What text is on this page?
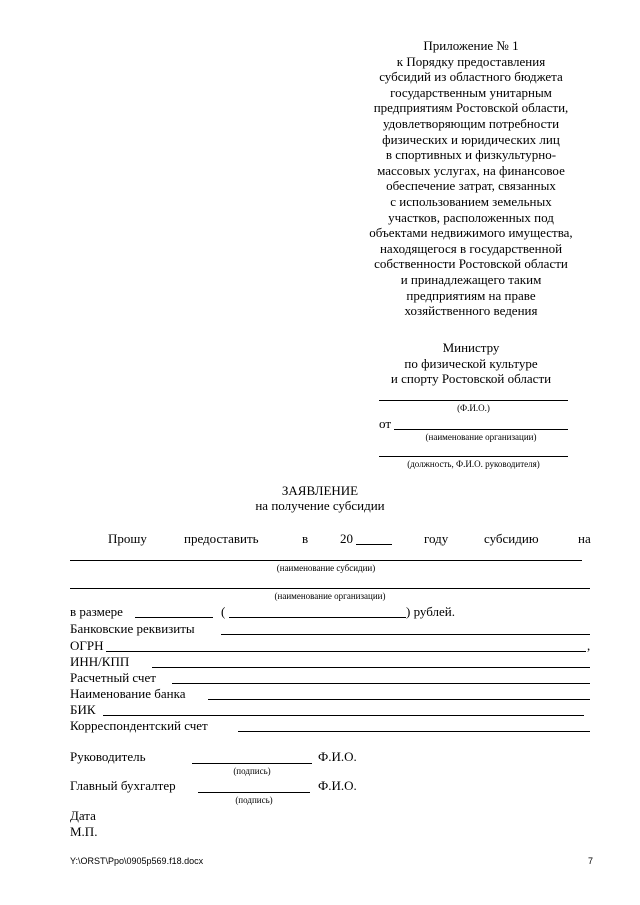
Приложение № 1
к Порядку предоставления
субсидий из областного бюджета
государственным унитарным
предприятиям Ростовской области,
удовлетворяющим потребности
физических и юридических лиц
в спортивных и физкультурно-
массовых услугах, на финансовое
обеспечение затрат, связанных
с использованием земельных
участков, расположенных под
объектами недвижимого имущества,
находящегося в государственной
собственности Ростовской области
и принадлежащего таким
предприятиям на праве
хозяйственного ведения
Министру
по физической культуре
и спорту Ростовской области
(Ф.И.О.)
от
(наименование организации)
(должность, Ф.И.О. руководителя)
ЗАЯВЛЕНИЕ
на получение субсидии
Прошу	предоставить	в 20	году	субсидию	на
(наименование субсидии)
(наименование организации)
в размере	(	) рублей.
Банковские реквизиты
ОГРН	,
ИНН/КПП
Расчетный счет
Наименование банка
БИК
Корреспондентский счет
Руководитель	Ф.И.О.
(подпись)
Главный бухгалтер	Ф.И.О.
(подпись)
Дата
М.П.
Y:\ORST\Ppo\0905p569.f18.docx	7
